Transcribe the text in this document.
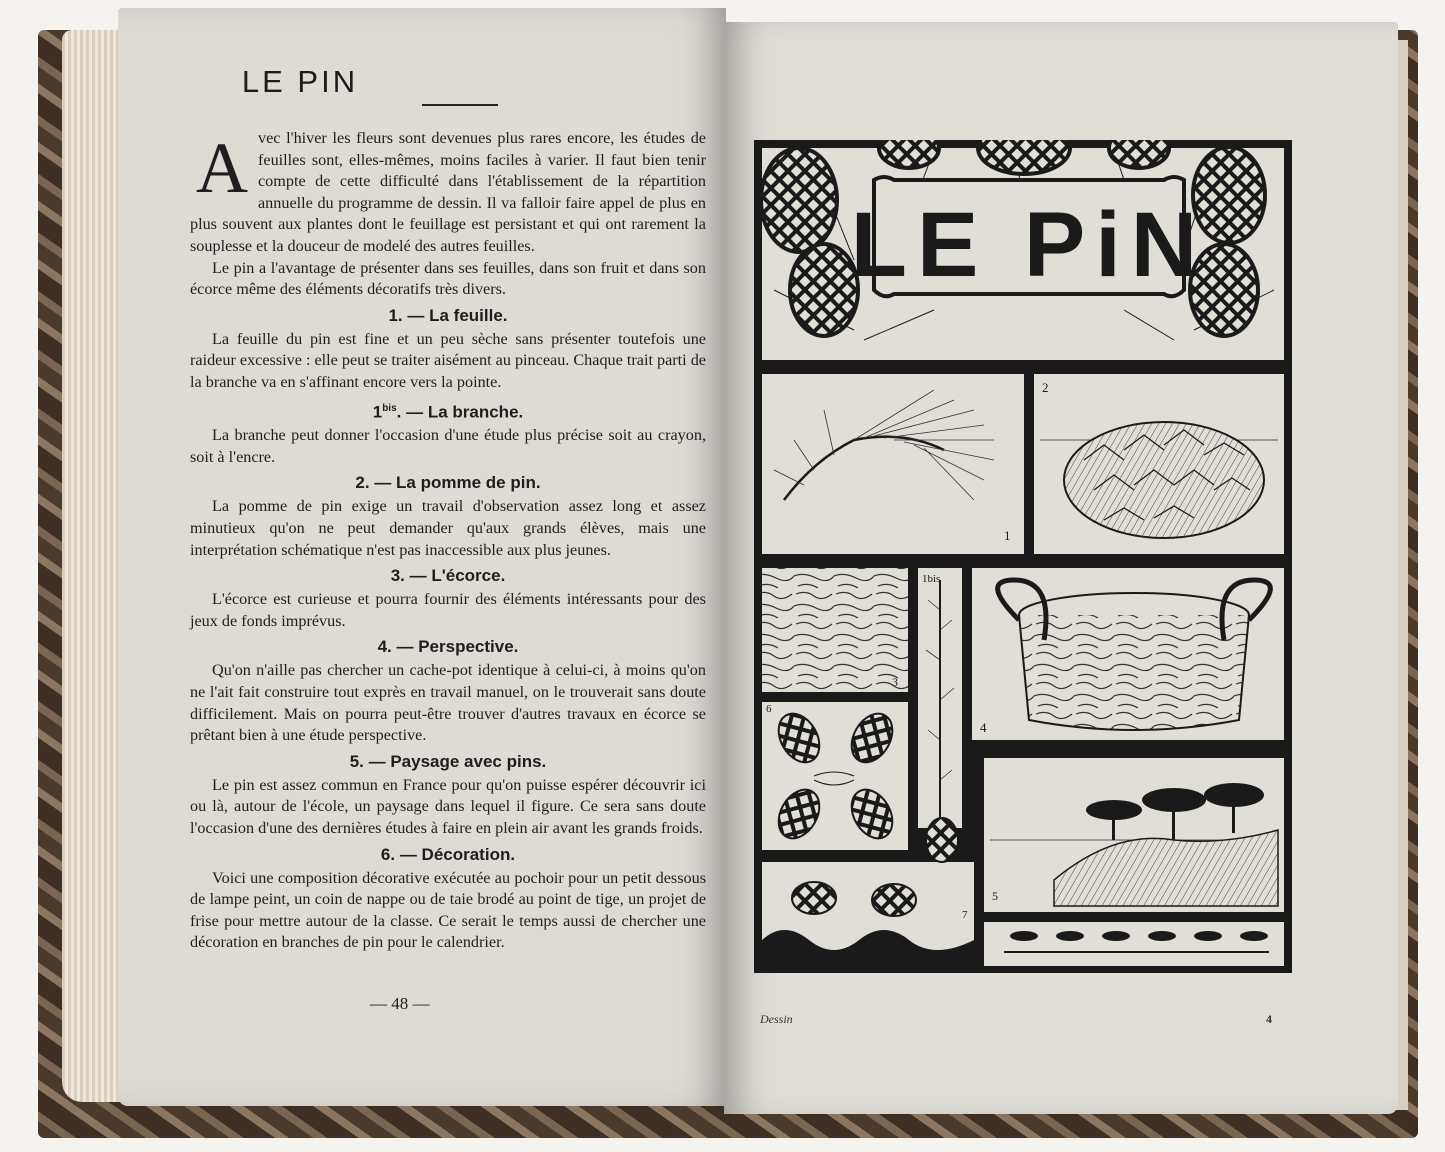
LE PIN

Avec l'hiver les fleurs sont devenues plus rares encore, les études de feuilles sont, elles-mêmes, moins faciles à varier. Il faut bien tenir compte de cette difficulté dans l'établissement de la répartition annuelle du programme de dessin. Il va falloir faire appel de plus en plus souvent aux plantes dont le feuillage est persistant et qui ont rarement la souplesse et la douceur de modelé des autres feuilles.

Le pin a l'avantage de présenter dans ses feuilles, dans son fruit et dans son écorce même des éléments décoratifs très divers.

1. — La feuille.

La feuille du pin est fine et un peu sèche sans présenter toutefois une raideur excessive : elle peut se traiter aisément au pinceau. Chaque trait parti de la branche va en s'affinant encore vers la pointe.

$1^{bis}$. — La branche.

La branche peut donner l'occasion d'une étude plus précise soit au crayon, soit à l'encre.

2. — La pomme de pin.

La pomme de pin exige un travail d'observation assez long et assez minutieux qu'on ne peut demander qu'aux grands élèves, mais une interprétation schématique n'est pas inaccessible aux plus jeunes.

3. — L'écorce.

L'écorce est curieuse et pourra fournir des éléments intéressants pour des jeux de fonds imprévus.

4. — Perspective.

Qu'on n'aille pas chercher un cache-pot identique à celui-ci, à moins qu'on ne l'ait fait construire tout exprès en travail manuel, on le trouverait sans doute difficilement. Mais on pourra peut-être trouver d'autres travaux en écorce se prêtant bien à une étude perspective.

5. — Paysage avec pins.

Le pin est assez commun en France pour qu'on puisse espérer découvrir ici ou là, autour de l'école, un paysage dans lequel il figure. Ce sera sans doute l'occasion d'une des dernières études à faire en plein air avant les grands froids.

6. — Décoration.

Voici une composition décorative exécutée au pochoir pour un petit dessous de lampe peint, un coin de nappe ou de taie brodé au point de tige, un projet de frise pour mettre autour de la classe. Ce serait le temps aussi de chercher une décoration en branches de pin pour le calendrier.

— 48 —
LE PiN
1
2
3
1bis
4
6
5
7
Dessin	4
